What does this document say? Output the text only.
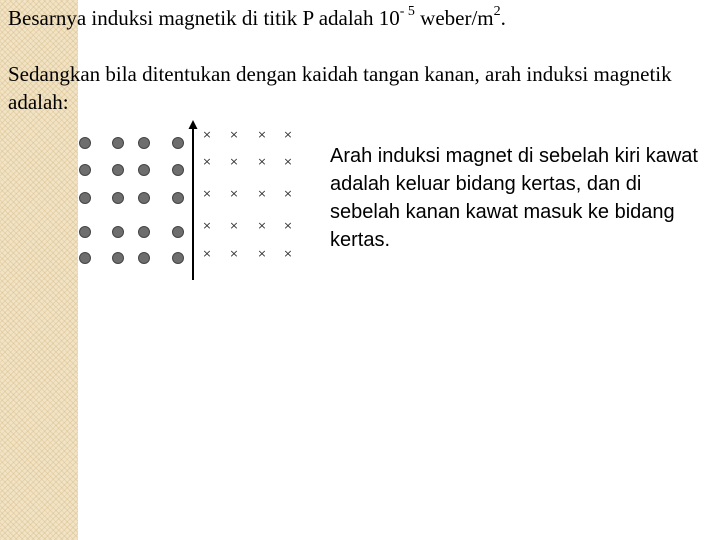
Besarnya induksi magnetik di titik P adalah $10^{- 5}$ weber/$m^2$.

Sedangkan bila ditentukan dengan kaidah tangan kanan, arah induksi magnetik adalah:

× × × ×
× × × ×
× × × ×
× × × ×
× × × ×

Arah induksi magnet di sebelah kiri kawat adalah keluar bidang kertas, dan di sebelah kanan kawat masuk ke bidang kertas.
